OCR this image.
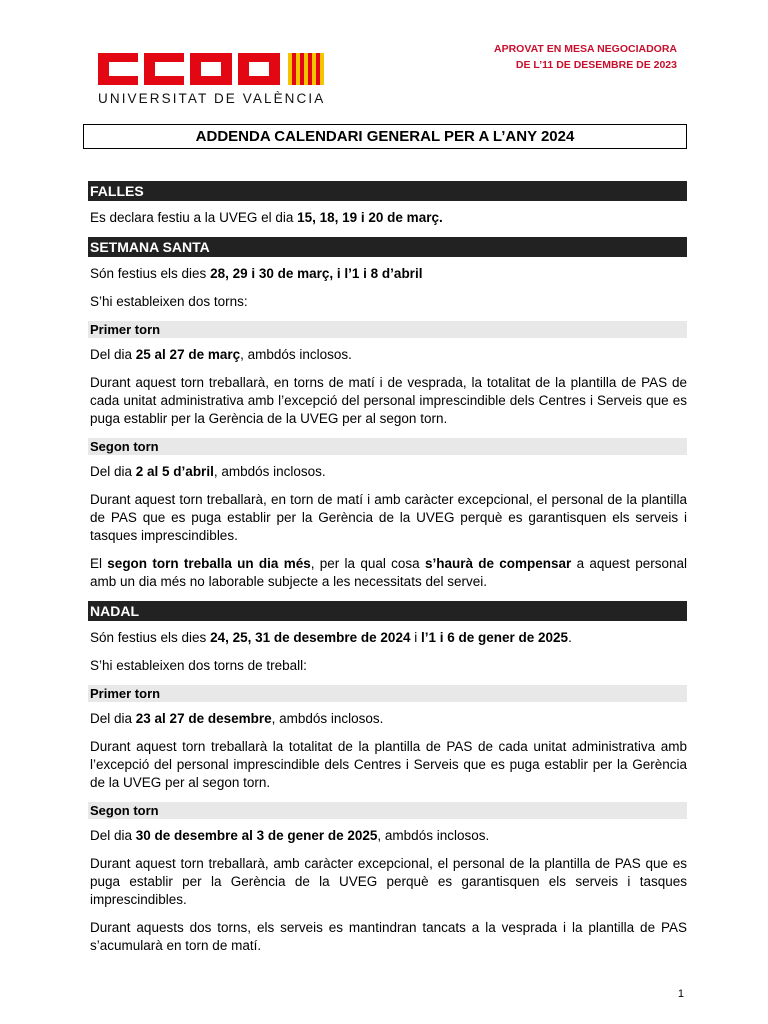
UNIVERSITAT DE VALÈNCIA
APROVAT EN MESA NEGOCIADORA
DE L’11 DE DESEMBRE DE 2023
ADDENDA CALENDARI GENERAL PER A L’ANY 2024
FALLES

Es declara festiu a la UVEG el dia 15, 18, 19 i 20 de març.

SETMANA SANTA

Són festius els dies 28, 29 i 30 de març, i l’1 i 8 d’abril

S’hi estableixen dos torns:

Primer torn

Del dia 25 al 27 de març, ambdós inclosos.

Durant aquest torn treballarà, en torns de matí i de vesprada, la totalitat de la plantilla de PAS de cada unitat administrativa amb l’excepció del personal imprescindible dels Centres i Serveis que es puga establir per la Gerència de la UVEG per al segon torn.

Segon torn

Del dia 2 al 5 d’abril, ambdós inclosos.

Durant aquest torn treballarà, en torn de matí i amb caràcter excepcional, el personal de la plantilla de PAS que es puga establir per la Gerència de la UVEG perquè es garantisquen els serveis i tasques imprescindibles.

El segon torn treballa un dia més, per la qual cosa s’haurà de compensar a aquest personal amb un dia més no laborable subjecte a les necessitats del servei.

NADAL

Són festius els dies 24, 25, 31 de desembre de 2024 i l’1 i 6 de gener de 2025.

S’hi estableixen dos torns de treball:

Primer torn

Del dia 23 al 27 de desembre, ambdós inclosos.

Durant aquest torn treballarà la totalitat de la plantilla de PAS de cada unitat administrativa amb l’excepció del personal imprescindible dels Centres i Serveis que es puga establir per la Gerència de la UVEG per al segon torn.

Segon torn

Del dia 30 de desembre al 3 de gener de 2025, ambdós inclosos.

Durant aquest torn treballarà, amb caràcter excepcional, el personal de la plantilla de PAS que es puga establir per la Gerència de la UVEG perquè es garantisquen els serveis i tasques imprescindibles.

Durant aquests dos torns, els serveis es mantindran tancats a la vesprada i la plantilla de PAS s’acumularà en torn de matí.

1
